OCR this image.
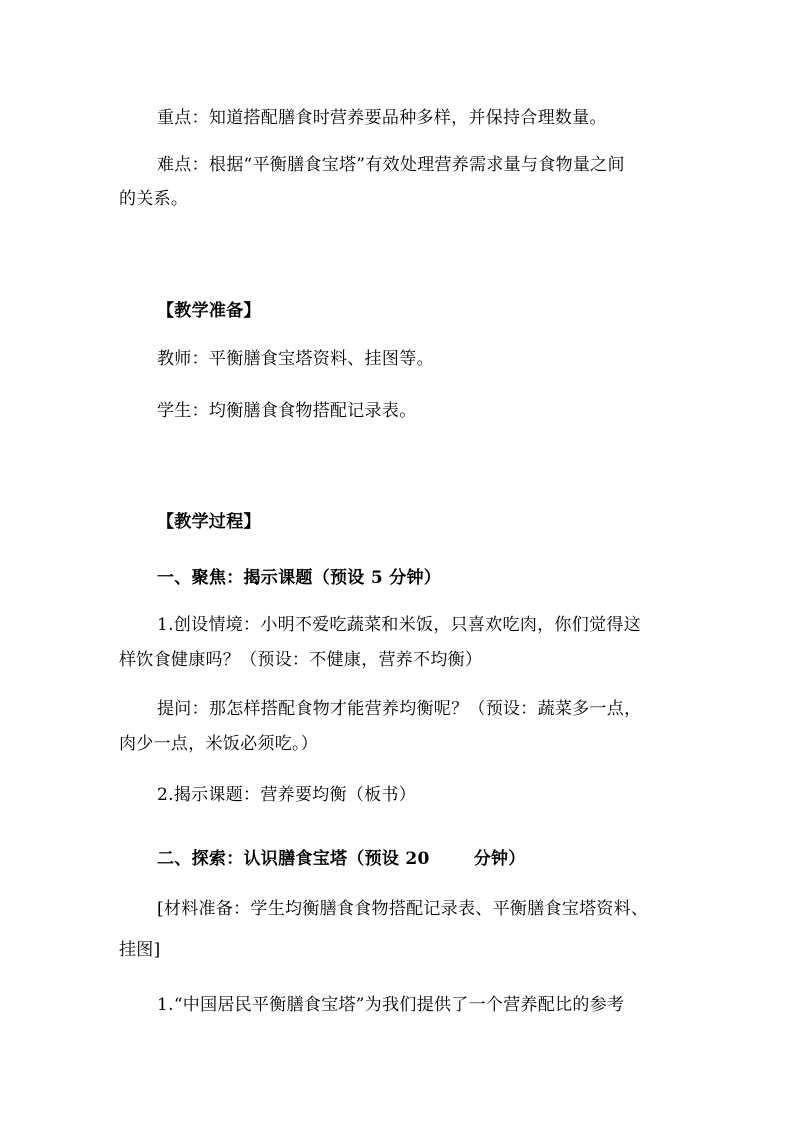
重点：知道搭配膳食时营养要品种多样，并保持合理数量。
难点：根据“平衡膳食宝塔”有效处理营养需求量与食物量之间
的关系。
【教学准备】
教师：平衡膳食宝塔资料、挂图等。
学生：均衡膳食食物搭配记录表。
【教学过程】
一、聚焦：揭示课题（预设 5 分钟）
1.创设情境：小明不爱吃蔬菜和米饭，只喜欢吃肉，你们觉得这
样饮食健康吗？（预设：不健康，营养不均衡）
提问：那怎样搭配食物才能营养均衡呢？（预设：蔬菜多一点，
肉少一点，米饭必须吃。）
2.揭示课题：营养要均衡（板书）
二、探索：认识膳食宝塔（预设 20	分钟）
[材料准备：学生均衡膳食食物搭配记录表、平衡膳食宝塔资料、
挂图]
1.“中国居民平衡膳食宝塔”为我们提供了一个营养配比的参考
